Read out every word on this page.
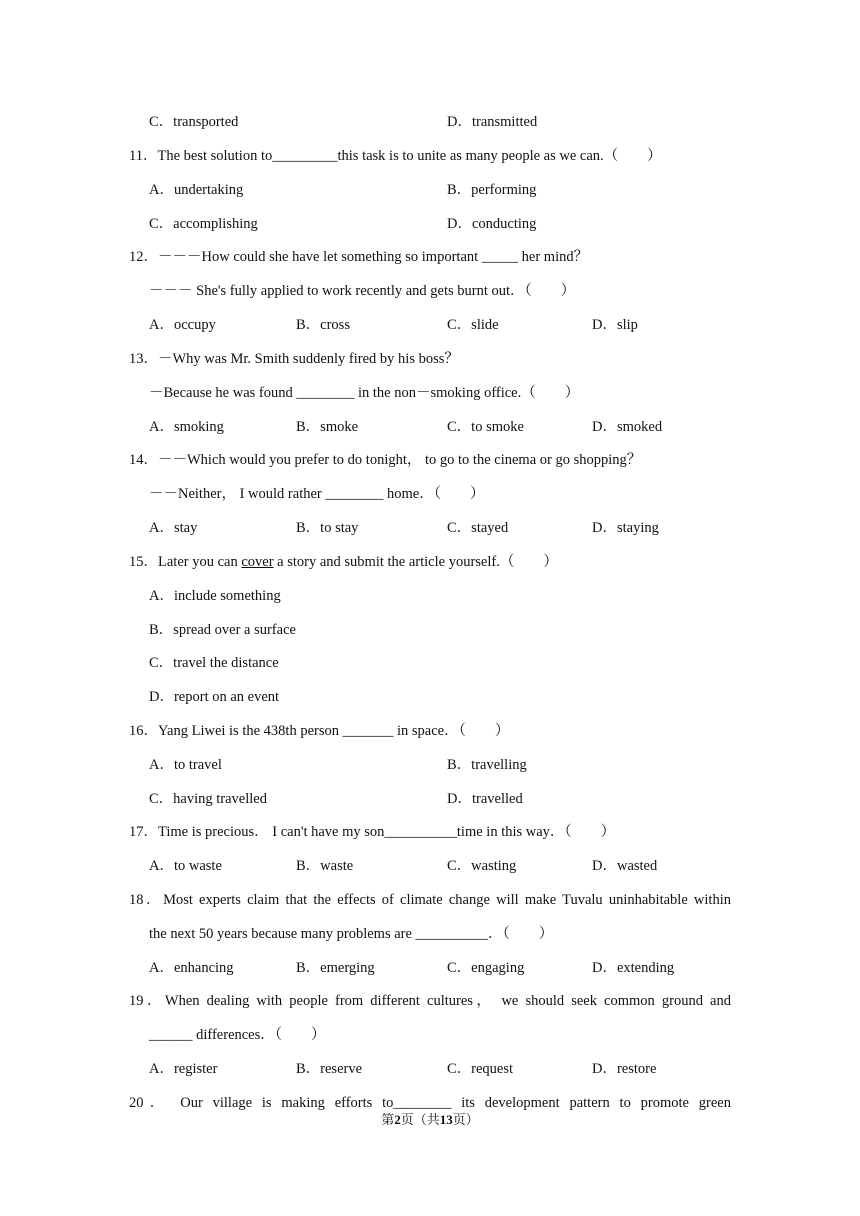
C．transported	D．transmitted
11．The best solution to_________this task is to unite as many people as we can.（　　）
A．undertaking	B．performing
C．accomplishing	D．conducting
12．－－－How could she have let something so important _____ her mind？
－－－ She's fully applied to work recently and gets burnt out．（　　）
A．occupy	B．cross	C．slide	D．slip
13．－Why was Mr. Smith suddenly fired by his boss？
－Because he was found ________ in the non－smoking office.（　　）
A．smoking	B．smoke	C．to smoke	D．smoked
14．－－Which would you prefer to do tonight， to go to the cinema or go shopping？
－－Neither， I would rather ________ home．（　　）
A．stay	B．to stay	C．stayed	D．staying
15．Later you can cover a story and submit the article yourself.（　　）
A．include something
B．spread over a surface
C．travel the distance
D．report on an event
16．Yang Liwei is the 438th person _______ in space．（　　）
A．to travel	B．travelling
C．having travelled	D．travelled
17．Time is precious． I can't have my son__________time in this way．（　　）
A．to waste	B．waste	C．wasting	D．wasted
18．Most experts claim that the effects of climate change will make Tuvalu uninhabitable within
the next 50 years because many problems are __________．（　　）
A．enhancing	B．emerging	C．engaging	D．extending
19．When dealing with people from different cultures， we should seek common ground and
______ differences．（　　）
A．register	B．reserve	C．request	D．restore
20． Our village is making efforts to________ its development pattern to promote green
第2页（共13页）
